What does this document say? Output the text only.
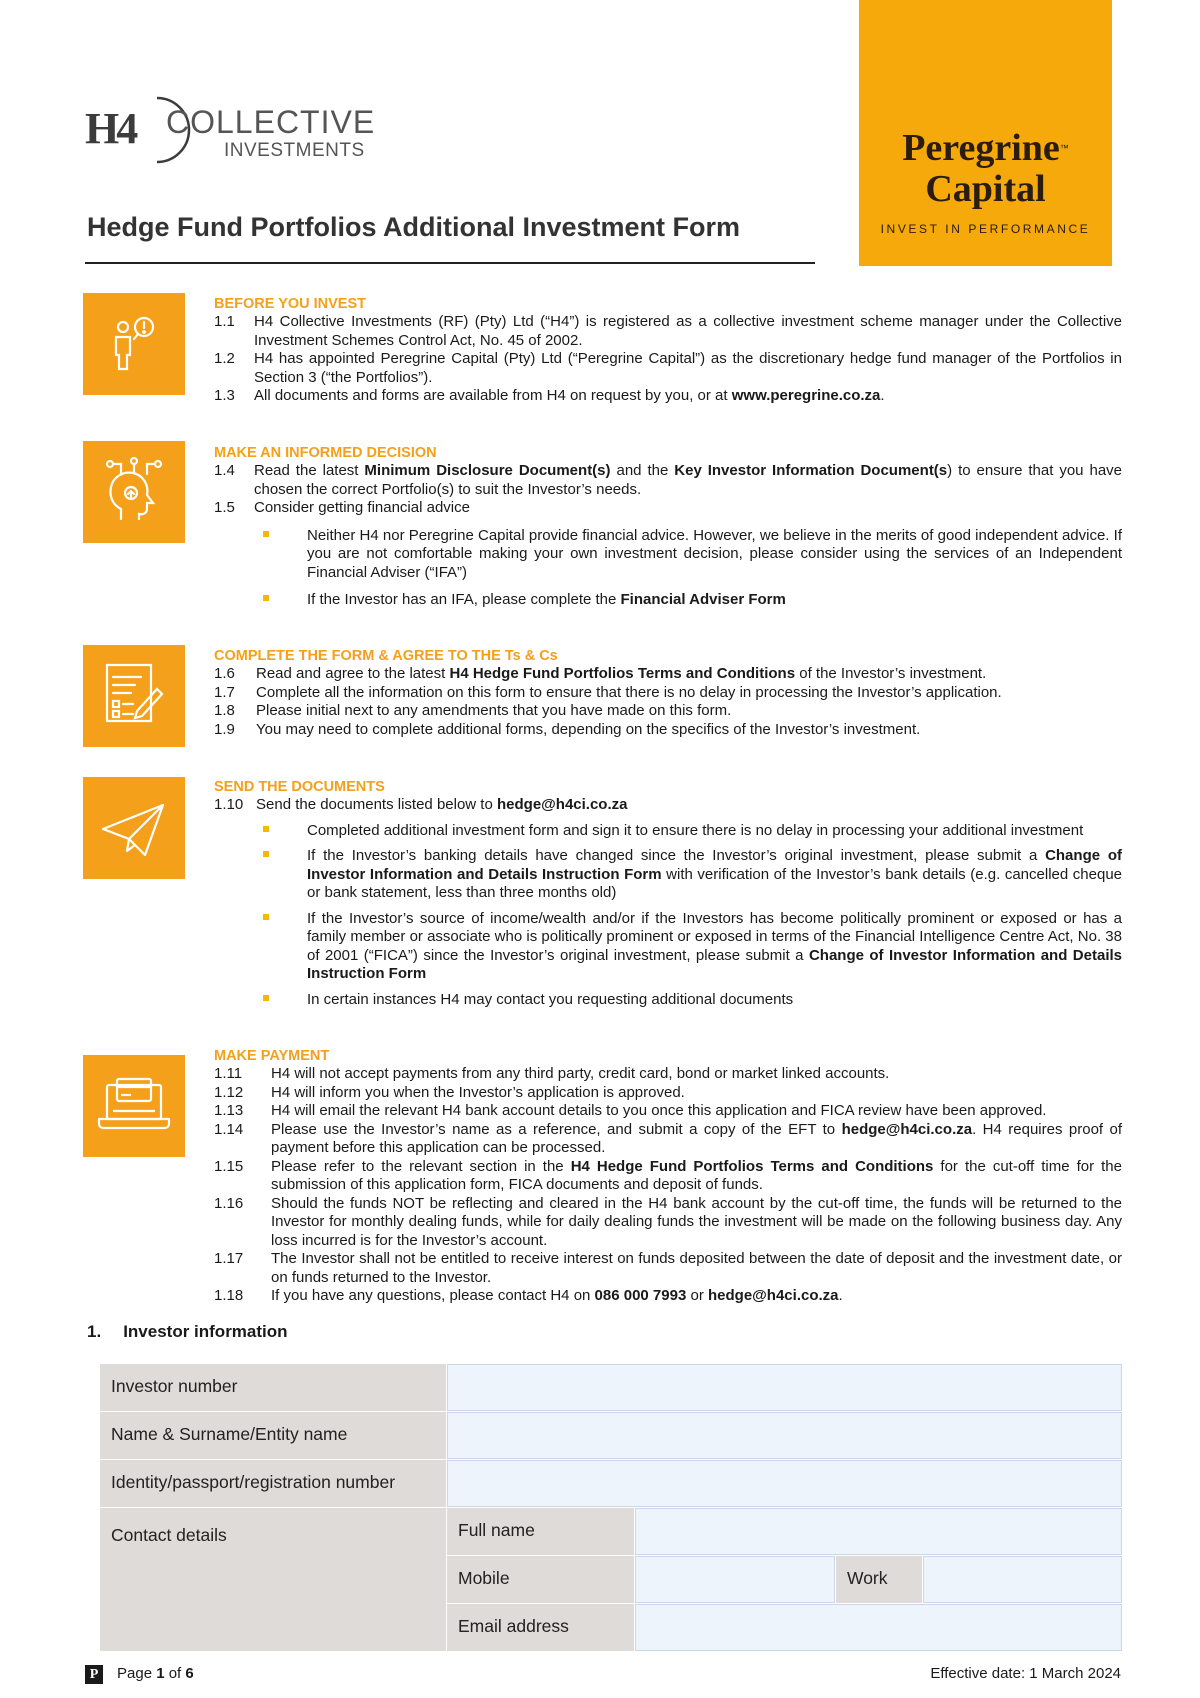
Peregrine™
Capital
INVEST IN PERFORMANCE
H4 COLLECTIVE
INVESTMENTS
Hedge Fund Portfolios Additional Investment Form

BEFORE YOU INVEST

1.1	H4 Collective Investments (RF) (Pty) Ltd (“H4”) is registered as a collective investment scheme manager under the Collective Investment Schemes Control Act, No. 45 of 2002.
1.2	H4 has appointed Peregrine Capital (Pty) Ltd (“Peregrine Capital”) as the discretionary hedge fund manager of the Portfolios in Section 3 (“the Portfolios”).
1.3	All documents and forms are available from H4 on request by you, or at www.peregrine.co.za.

MAKE AN INFORMED DECISION

1.4	Read the latest Minimum Disclosure Document(s) and the Key Investor Information Document(s) to ensure that you have chosen the correct Portfolio(s) to suit the Investor’s needs.
1.5	Consider getting financial advice
Neither H4 nor Peregrine Capital provide financial advice. However, we believe in the merits of good independent advice. If you are not comfortable making your own investment decision, please consider using the services of an Independent Financial Adviser (“IFA”)
If the Investor has an IFA, please complete the Financial Adviser Form

COMPLETE THE FORM & AGREE TO THE Ts & Cs

1.6	Read and agree to the latest H4 Hedge Fund Portfolios Terms and Conditions of the Investor’s investment.
1.7	Complete all the information on this form to ensure that there is no delay in processing the Investor’s application.
1.8	Please initial next to any amendments that you have made on this form.
1.9	You may need to complete additional forms, depending on the specifics of the Investor’s investment.

SEND THE DOCUMENTS

1.10 Send the documents listed below to hedge@h4ci.co.za
Completed additional investment form and sign it to ensure there is no delay in processing your additional investment
If the Investor’s banking details have changed since the Investor’s original investment, please submit a Change of Investor Information and Details Instruction Form with verification of the Investor’s bank details (e.g. cancelled cheque or bank statement, less than three months old)
If the Investor’s source of income/wealth and/or if the Investors has become politically prominent or exposed or has a family member or associate who is politically prominent or exposed in terms of the Financial Intelligence Centre Act, No. 38 of 2001 (“FICA”) since the Investor’s original investment, please submit a Change of Investor Information and Details Instruction Form
In certain instances H4 may contact you requesting additional documents

MAKE PAYMENT

1.11	H4 will not accept payments from any third party, credit card, bond or market linked accounts.
1.12	H4 will inform you when the Investor’s application is approved.
1.13	H4 will email the relevant H4 bank account details to you once this application and FICA review have been approved.
1.14	Please use the Investor’s name as a reference, and submit a copy of the EFT to hedge@h4ci.co.za. H4 requires proof of payment before this application can be processed.
1.15	Please refer to the relevant section in the H4 Hedge Fund Portfolios Terms and Conditions for the cut-off time for the submission of this application form, FICA documents and deposit of funds.
1.16	Should the funds NOT be reflecting and cleared in the H4 bank account by the cut-off time, the funds will be returned to the Investor for monthly dealing funds, while for daily dealing funds the investment will be made on the following business day. Any loss incurred is for the Investor’s account.
1.17	The Investor shall not be entitled to receive interest on funds deposited between the date of deposit and the investment date, or on funds returned to the Investor.
1.18	If you have any questions, please contact H4 on 086 000 7993 or hedge@h4ci.co.za.
1. Investor information
Investor number
Name & Surname/Entity name
Identity/passport/registration number
Contact details	Full name
Mobile	Work
Email address
P	Page 1 of 6	Effective date: 1 March 2024
